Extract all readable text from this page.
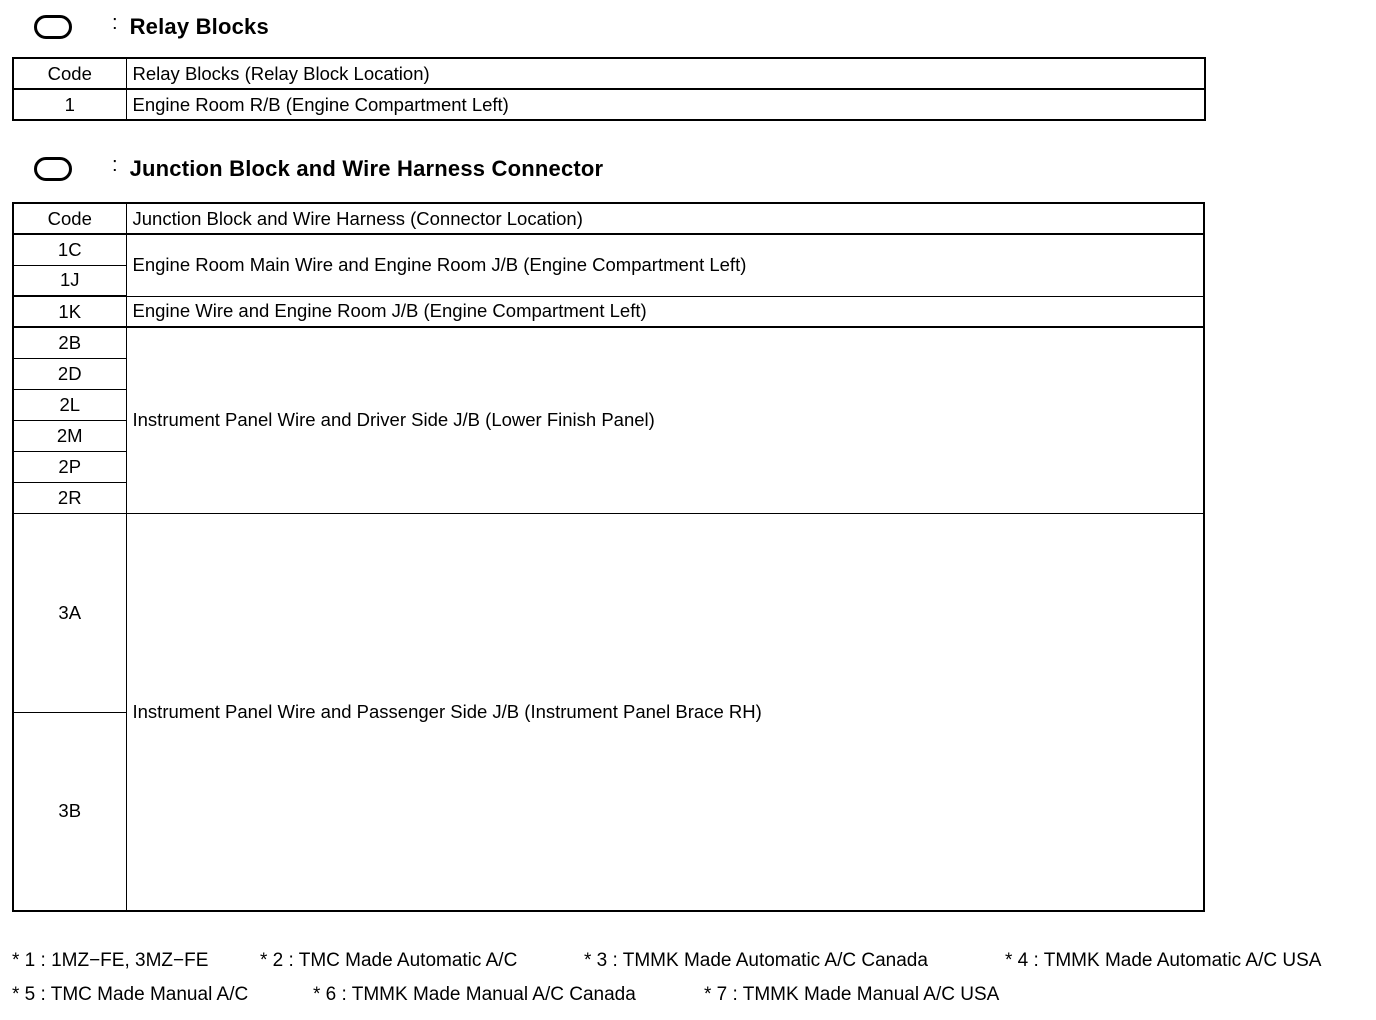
: Relay Blocks
Code	Relay Blocks (Relay Block Location)
1	Engine Room R/B (Engine Compartment Left)
: Junction Block and Wire Harness Connector
Code	Junction Block and Wire Harness (Connector Location)
1C	Engine Room Main Wire and Engine Room J/B (Engine Compartment Left)
1J	
1K	Engine Wire and Engine Room J/B (Engine Compartment Left)
2B	Instrument Panel Wire and Driver Side J/B (Lower Finish Panel)
2D	
2L	
2M	
2P	
2R	
3A	Instrument Panel Wire and Passenger Side J/B (Instrument Panel Brace RH)
3B	
* 1 : 1MZ−FE, 3MZ−FE	* 2 : TMC Made Automatic A/C	* 3 : TMMK Made Automatic A/C Canada	* 4 : TMMK Made Automatic A/C USA
* 5 : TMC Made Manual A/C	* 6 : TMMK Made Manual A/C Canada	* 7 : TMMK Made Manual A/C USA
